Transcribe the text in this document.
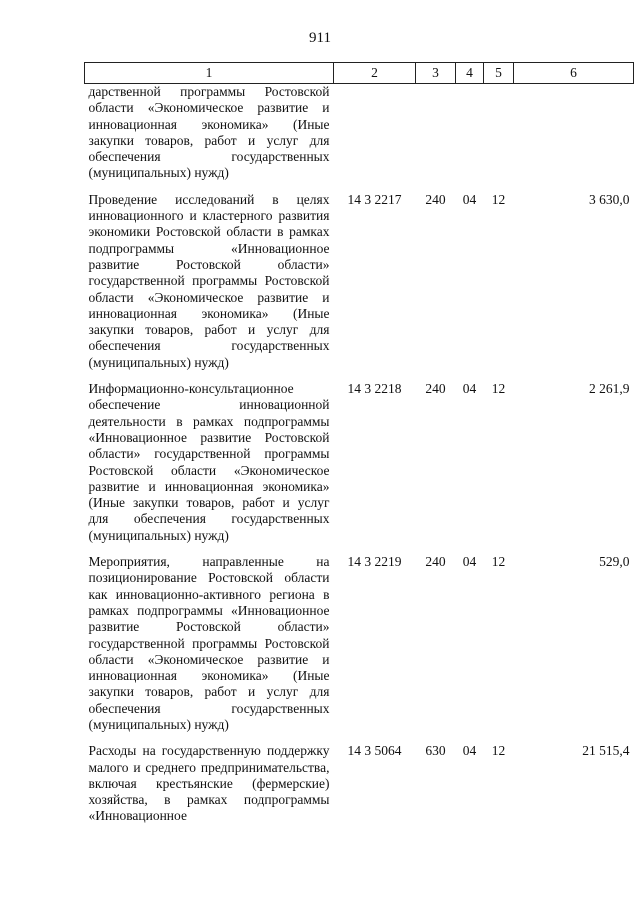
911
1	2	3	4	5	6
дарственной программы Ростовской области «Экономическое развитие и инновационная экономика» (Иные закупки товаров, работ и услуг для обеспечения государственных (муниципальных) нужд)					
Проведение исследований в целях инновационного и кластерного развития экономики Ростовской области в рамках подпрограммы «Инновационное развитие Ростовской области» государственной программы Ростовской области «Экономическое развитие и инновационная экономика» (Иные закупки товаров, работ и услуг для обеспечения государственных (муниципальных) нужд)	14 3 2217	240	04	12	3 630,0
Информационно-консультационное обеспечение инновационной деятельности в рамках подпрограммы «Инновационное развитие Ростовской области» государственной программы Ростовской области «Экономическое развитие и инновационная экономика» (Иные закупки товаров, работ и услуг для обеспечения государственных (муниципальных) нужд)	14 3 2218	240	04	12	2 261,9
Мероприятия, направленные на позиционирование Ростовской области как инновационно-активного региона в рамках подпрограммы «Инновационное развитие Ростовской области» государственной программы Ростовской области «Экономическое развитие и инновационная экономика» (Иные закупки товаров, работ и услуг для обеспечения государственных (муниципальных) нужд)	14 3 2219	240	04	12	529,0
Расходы на государственную поддержку малого и среднего предпринимательства, включая крестьянские (фермерские) хозяйства, в рамках подпрограммы «Инновационное	14 3 5064	630	04	12	21 515,4
